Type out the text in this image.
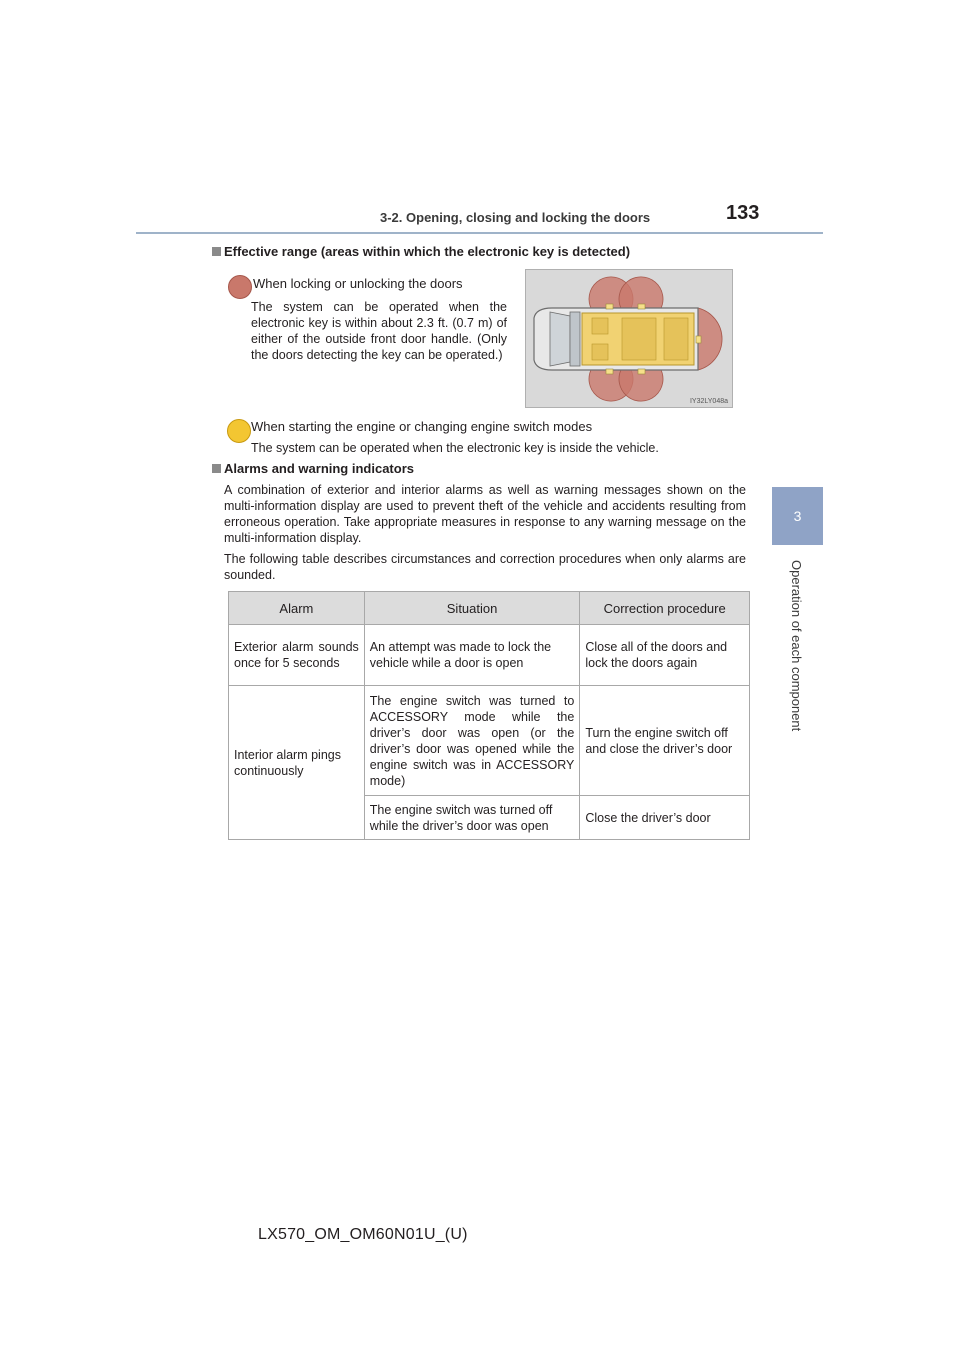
3-2. Opening, closing and locking the doors	133
3
Operation of each component
Effective range (areas within which the electronic key is detected)
When locking or unlocking the doors
The system can be operated when the electronic key is within about 2.3 ft. (0.7 m) of either of the outside front door handle. (Only the doors detecting the key can be operated.)
IY32LY048a
When starting the engine or changing engine switch modes
The system can be operated when the electronic key is inside the vehicle.
Alarms and warning indicators
A combination of exterior and interior alarms as well as warning messages shown on the multi-information display are used to prevent theft of the vehicle and accidents resulting from erroneous operation. Take appropriate measures in response to any warning message on the multi-information display.
The following table describes circumstances and correction procedures when only alarms are sounded.
Alarm	Situation	Correction procedure
Exterior alarm sounds once for 5 seconds	An attempt was made to lock the vehicle while a door is open	Close all of the doors and lock the doors again
Interior alarm pings continuously	The engine switch was turned to ACCESSORY mode while the driver’s door was open (or the driver’s door was opened while the engine switch was in ACCESSORY mode)	Turn the engine switch off and close the driver’s door
	The engine switch was turned off while the driver’s door was open	Close the driver’s door
LX570_OM_OM60N01U_(U)
